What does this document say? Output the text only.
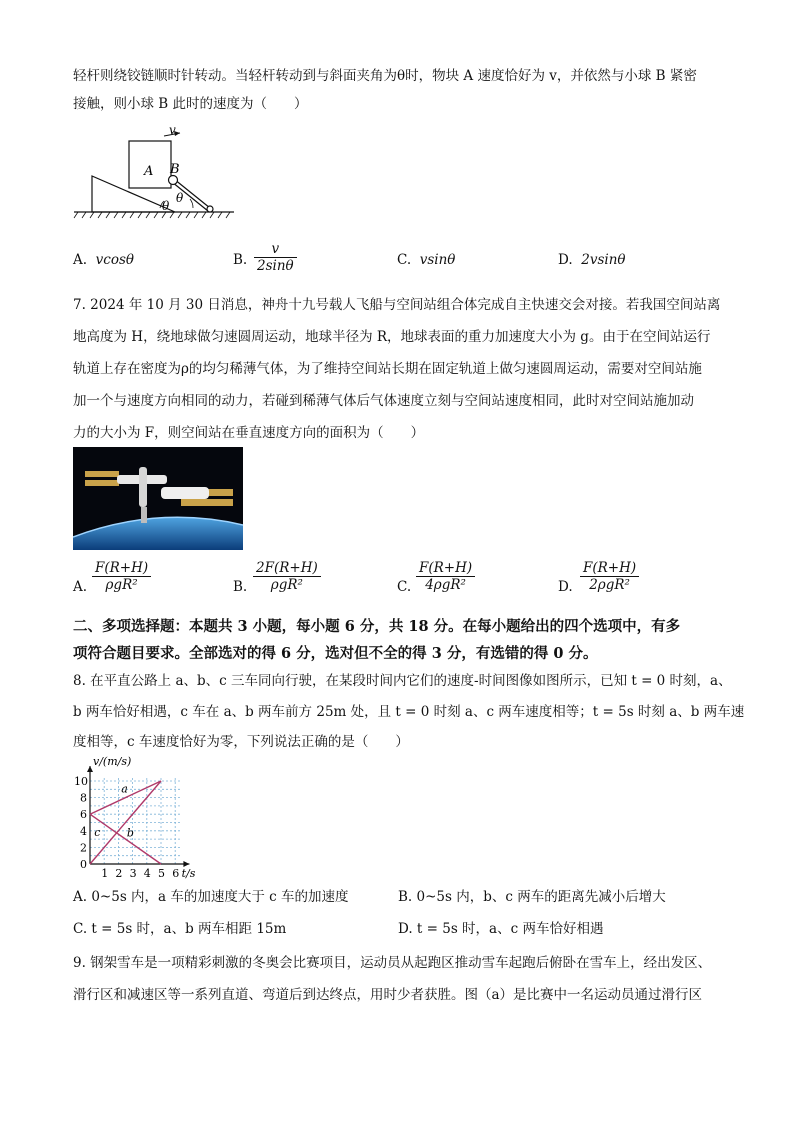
轻杆则绕铰链顺时针转动。当轻杆转动到与斜面夹角为θ时，物块 A 速度恰好为 v，并依然与小球 B 紧密
接触，则小球 B 此时的速度为（　　）
v
A B
θ
θ
A. vcosθ	B. $\frac{v}{2\sin\theta}$	C. vsinθ	D. 2vsinθ
7. 2024 年 10 月 30 日消息，神舟十九号载人飞船与空间站组合体完成自主快速交会对接。若我国空间站离
地高度为 H，绕地球做匀速圆周运动，地球半径为 R，地球表面的重力加速度大小为 g。由于在空间站运行
轨道上存在密度为ρ的均匀稀薄气体，为了维持空间站长期在固定轨道上做匀速圆周运动，需要对空间站施
加一个与速度方向相同的动力，若碰到稀薄气体后气体速度立刻与空间站速度相同，此时对空间站施加动
力的大小为 F，则空间站在垂直速度方向的面积为（　　）
A.
F(R+H)
ρgR²	B.
2F(R+H)
ρgR²	C.
F(R+H)
4ρgR²	D.
F(R+H)
2ρgR²
二、多项选择题：本题共 3 小题，每小题 6 分，共 18 分。在每小题给出的四个选项中，有多
项符合题目要求。全部选对的得 6 分，选对但不全的得 3 分，有选错的得 0 分。
8. 在平直公路上 a、b、c 三车同向行驶，在某段时间内它们的速度-时间图像如图所示，已知 t = 0 时刻，a、
b 两车恰好相遇，c 车在 a、b 两车前方 25m 处，且 t = 0 时刻 a、c 两车速度相等；t = 5s 时刻 a、b 两车速
度相等，c 车速度恰好为零，下列说法正确的是（　　）
1 2 3 4 5 6
0
2
4
6
8
10
t/s
v/(m/s)
a
b
c
A. 0~5s 内，a 车的加速度大于 c 车的加速度	B. 0~5s 内，b、c 两车的距离先减小后增大
C. t = 5s 时，a、b 两车相距 15m	D. t = 5s 时，a、c 两车恰好相遇
9. 钢架雪车是一项精彩刺激的冬奥会比赛项目，运动员从起跑区推动雪车起跑后俯卧在雪车上，经出发区、
滑行区和减速区等一系列直道、弯道后到达终点，用时少者获胜。图（a）是比赛中一名运动员通过滑行区
